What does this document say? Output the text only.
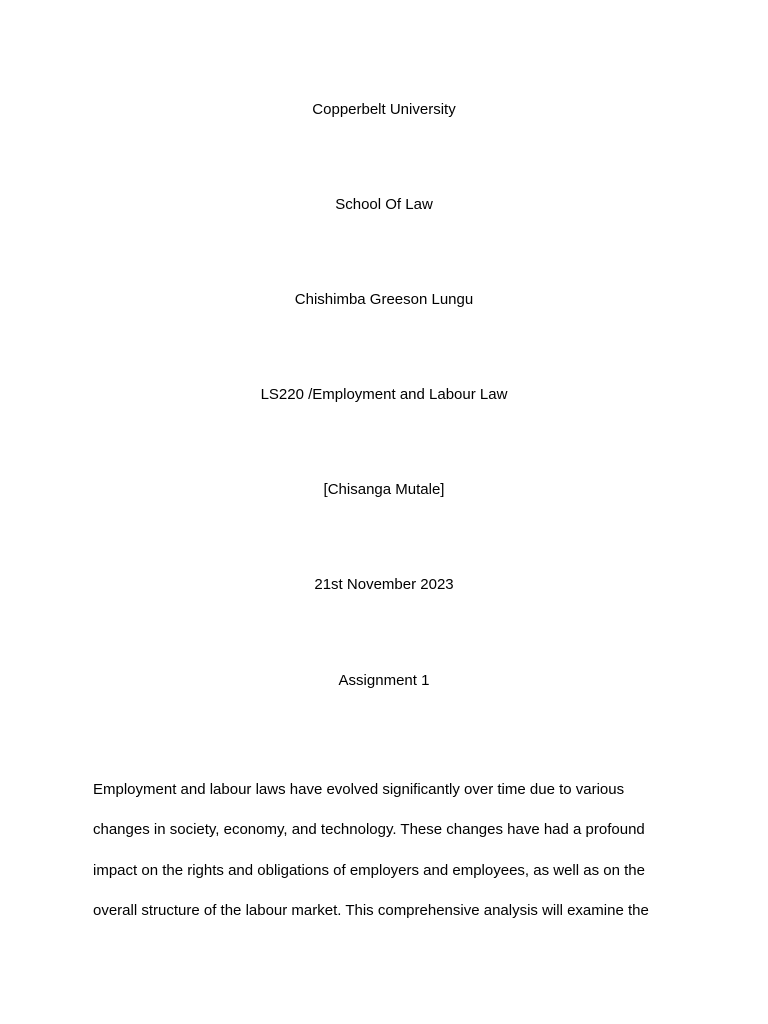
Copperbelt University
School Of Law
Chishimba Greeson Lungu
LS220 /Employment and Labour Law
[Chisanga Mutale]
21st November 2023
Assignment 1
Employment and labour laws have evolved significantly over time due to various
changes in society, economy, and technology. These changes have had a profound
impact on the rights and obligations of employers and employees, as well as on the
overall structure of the labour market. This comprehensive analysis will examine the
